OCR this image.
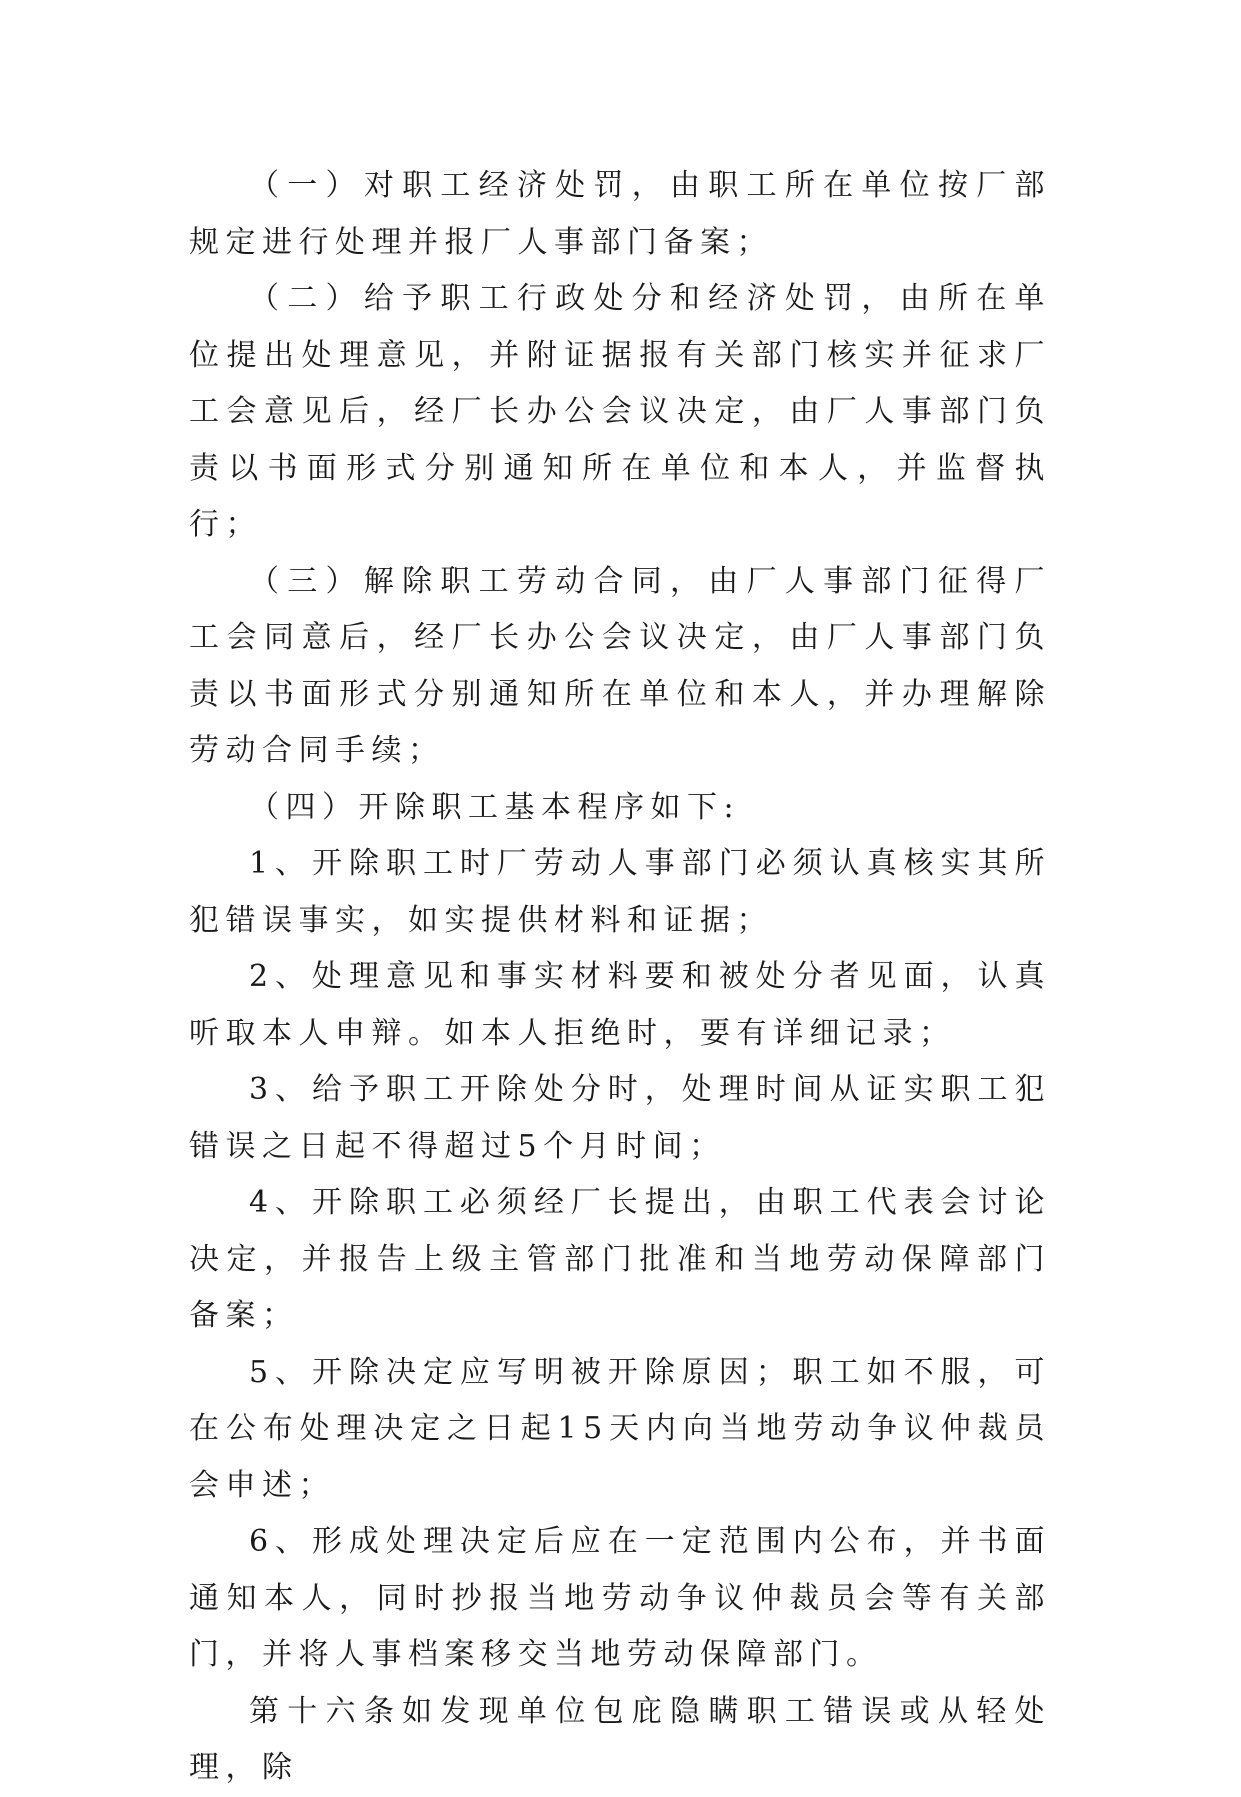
（一）对职工经济处罚，由职工所在单位按厂部规定进行处理并报厂人事部门备案；

（二）给予职工行政处分和经济处罚，由所在单位提出处理意见，并附证据报有关部门核实并征求厂工会意见后，经厂长办公会议决定，由厂人事部门负责以书面形式分别通知所在单位和本人，并监督执行；

（三）解除职工劳动合同，由厂人事部门征得厂工会同意后，经厂长办公会议决定，由厂人事部门负责以书面形式分别通知所在单位和本人，并办理解除劳动合同手续；

（四）开除职工基本程序如下:

1、开除职工时厂劳动人事部门必须认真核实其所犯错误事实，如实提供材料和证据；

2、处理意见和事实材料要和被处分者见面，认真听取本人申辩。如本人拒绝时，要有详细记录；

3、给予职工开除处分时，处理时间从证实职工犯错误之日起不得超过5个月时间；

4、开除职工必须经厂长提出，由职工代表会讨论决定，并报告上级主管部门批准和当地劳动保障部门备案；

5、开除决定应写明被开除原因；职工如不服，可在公布处理决定之日起15天内向当地劳动争议仲裁员会申述；

6、形成处理决定后应在一定范围内公布，并书面通知本人，同时抄报当地劳动争议仲裁员会等有关部门，并将人事档案移交当地劳动保障部门。

第十六条如发现单位包庇隐瞒职工错误或从轻处理，除
